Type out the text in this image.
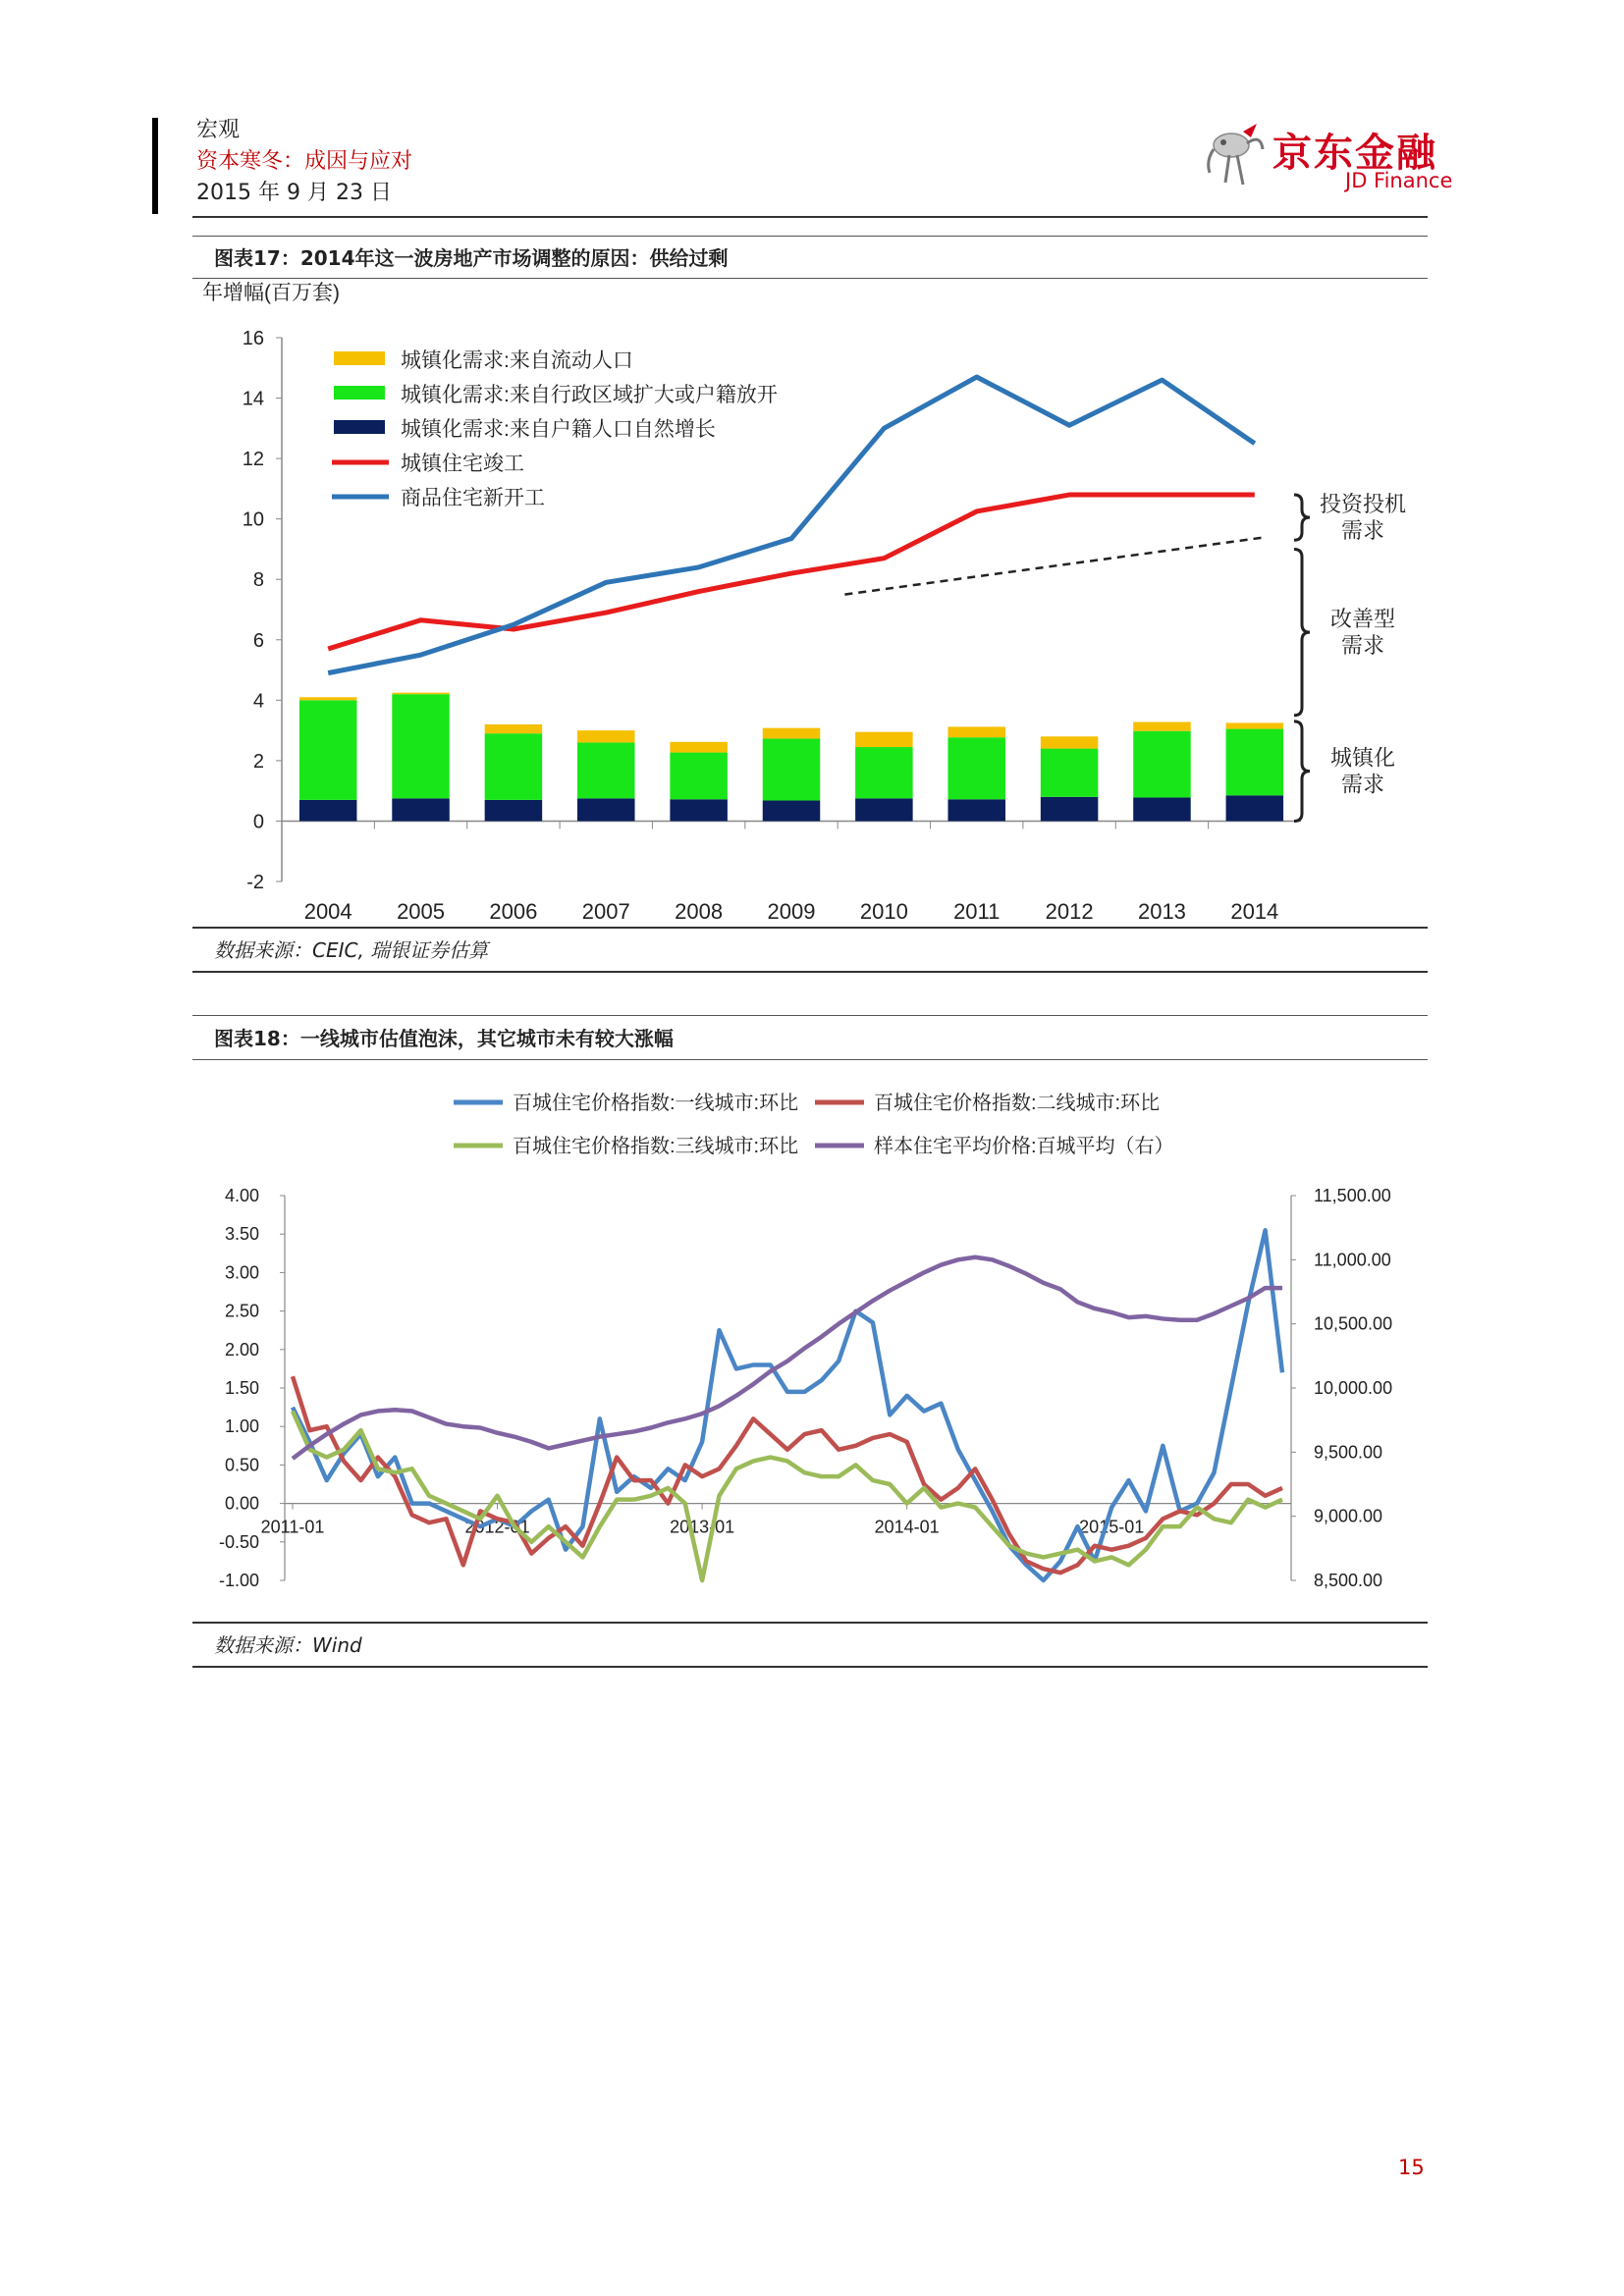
宏观
资本寒冬：成因与应对
2015 年 9 月 23 日
京东金融
JD Finance
图表17：2014年这一波房地产市场调整的原因：供给过剩
年增幅(百万套)
-2
0
2
4
6
8
10
12
14
16
2004 2005 2006 2007 2008 2009 2010 2011 2012 2013 2014
投资投机需求
改善型需求
城镇化需求
城镇化需求:来自流动人口
城镇化需求:来自行政区域扩大或户籍放开
城镇化需求:来自户籍人口自然增长
城镇住宅竣工
商品住宅新开工
数据来源：CEIC, 瑞银证券估算
图表18：一线城市估值泡沫，其它城市未有较大涨幅
-1.00
-0.50
0.00
0.50
1.00
1.50
2.00
2.50
3.00
3.50
4.00
8,500.00
9,000.00
9,500.00
10,000.00
10,500.00
11,000.00
11,500.00
2011-01	2012-01	2013-01	2014-01	2015-01
百城住宅价格指数:一线城市:环比	百城住宅价格指数:二线城市:环比
百城住宅价格指数:三线城市:环比	样本住宅平均价格:百城平均（右）
数据来源：Wind
15
